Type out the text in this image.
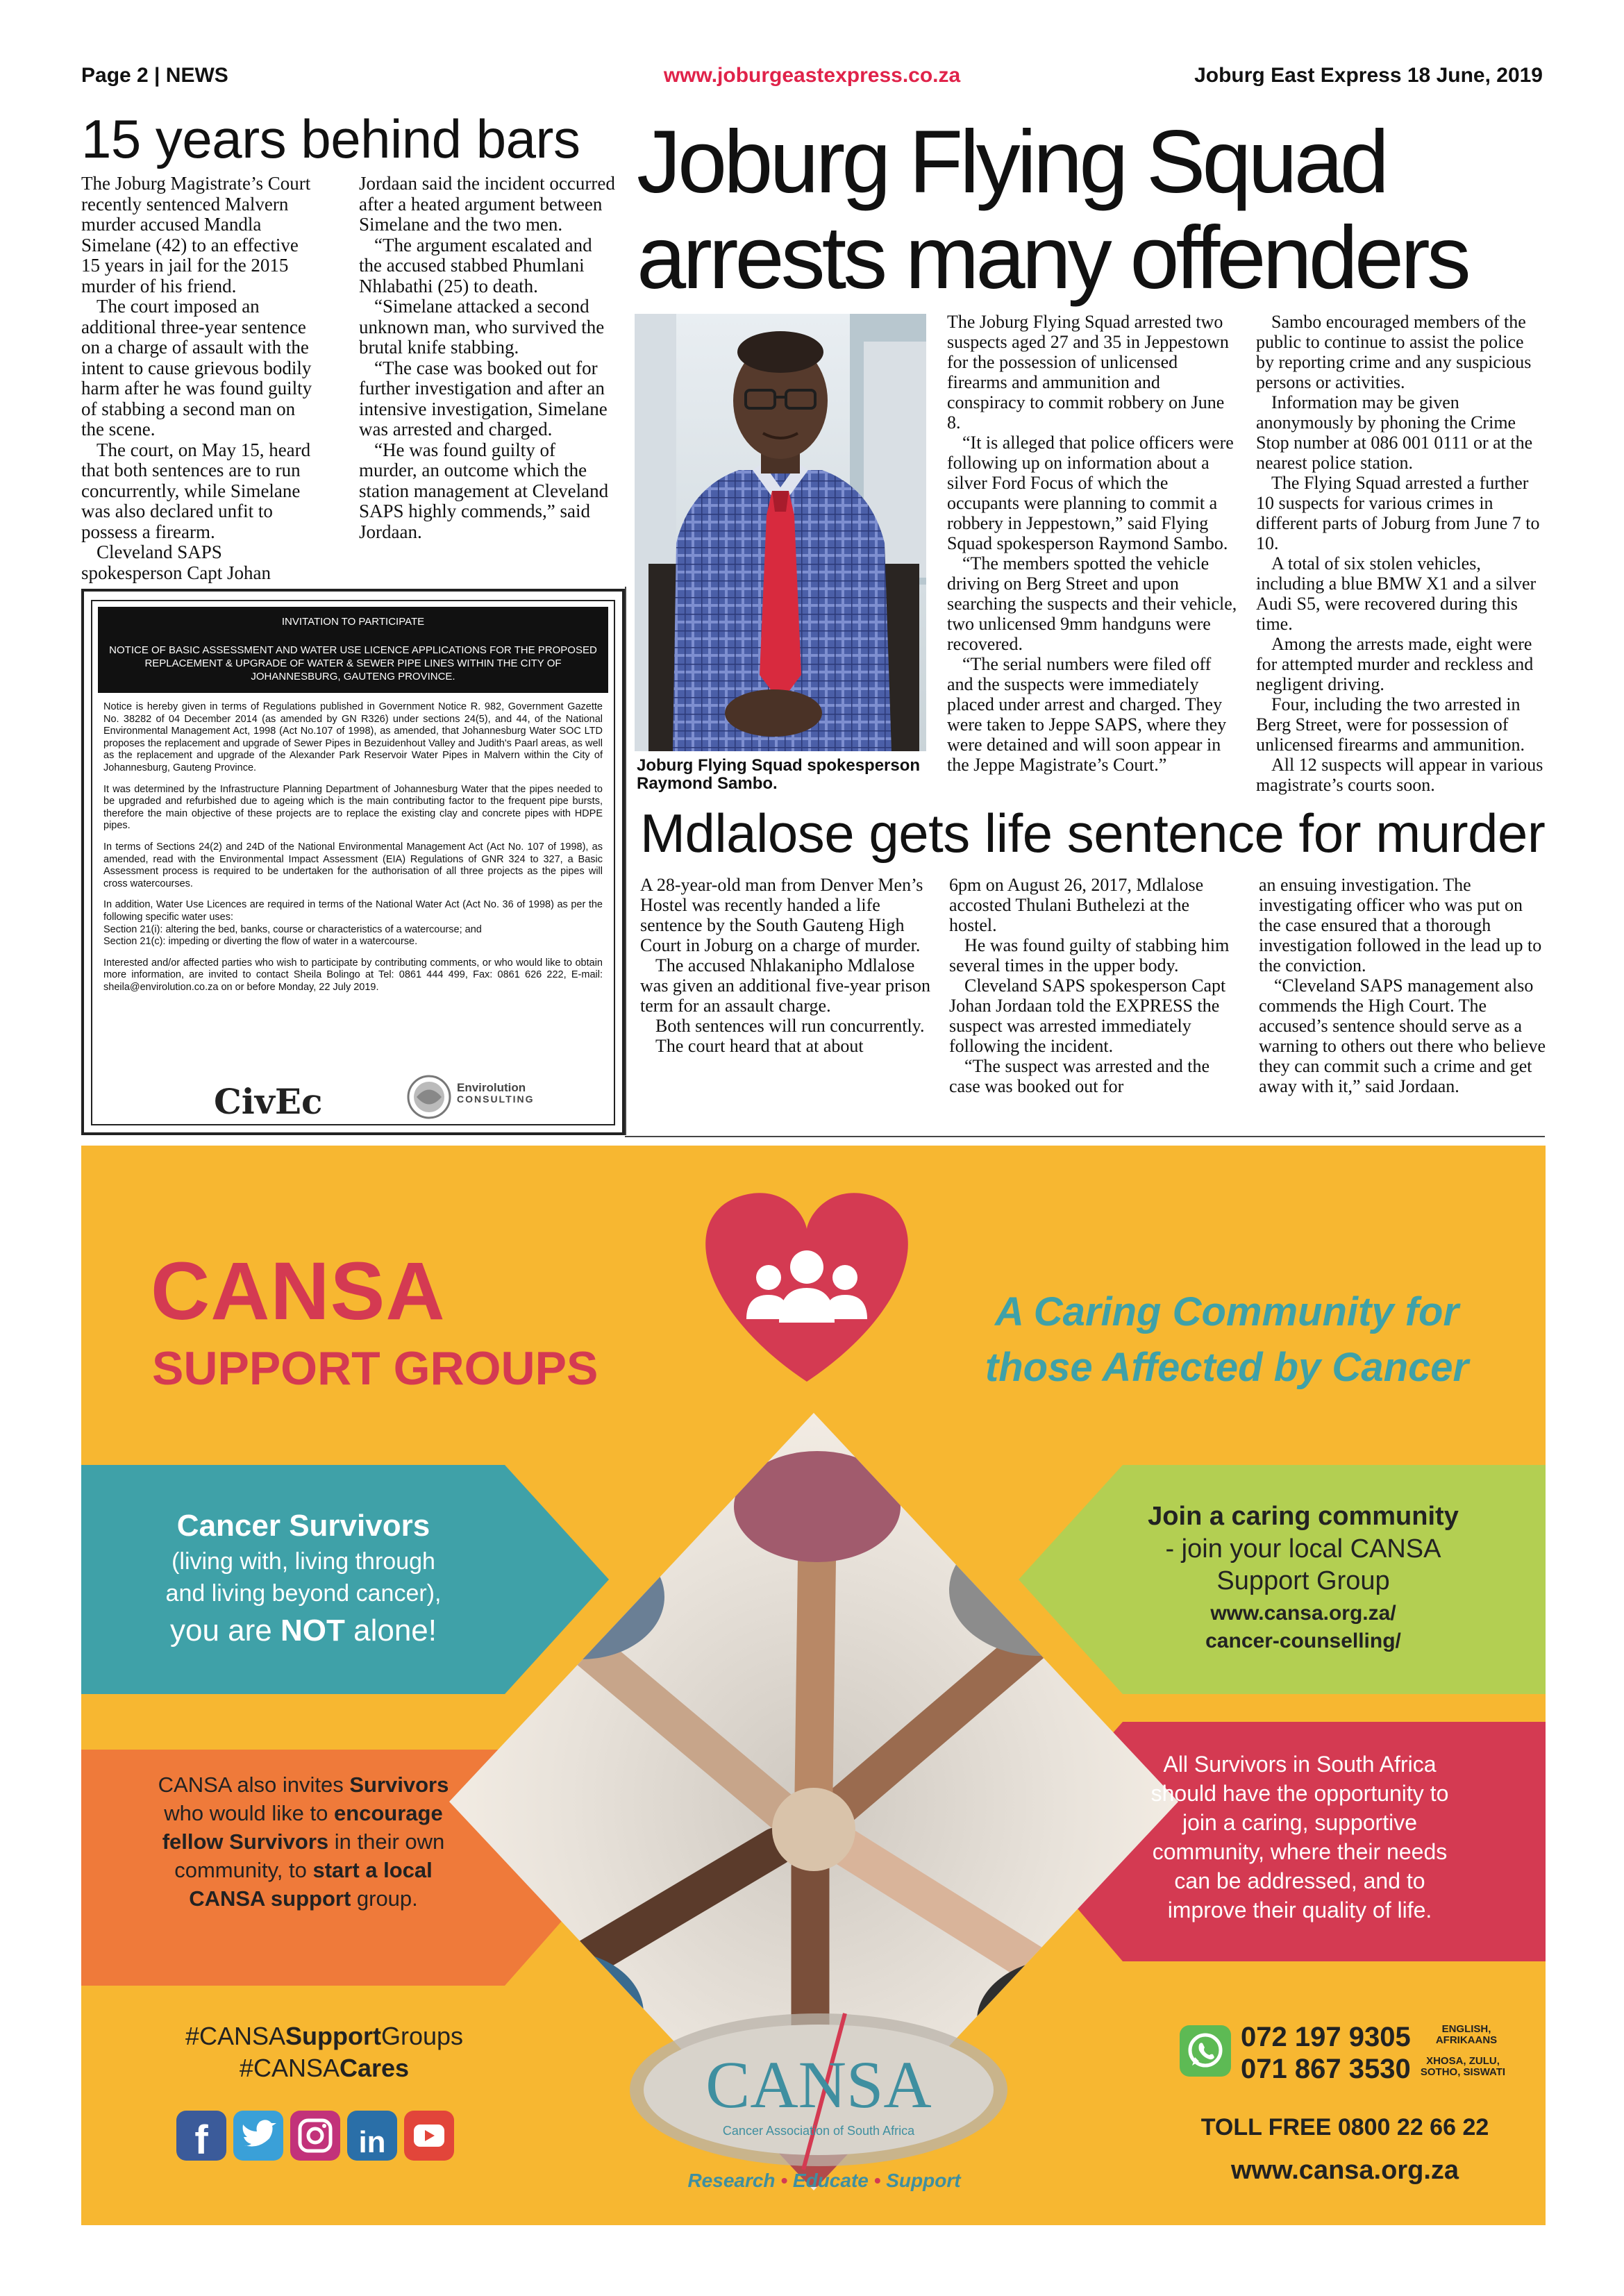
Page 2 | NEWS	www.joburgeastexpress.co.za	Joburg East Express 18 June, 2019
15 years behind bars

The Joburg Magistrate’s Court recently sentenced Malvern murder accused Mandla Simelane (42) to an effective 15 years in jail for the 2015 murder of his friend.

The court imposed an additional three-year sentence on a charge of assault with the intent to cause grievous bodily harm after he was found guilty of stabbing a second man on the scene.

The court, on May 15, heard that both sentences are to run concurrently, while Simelane was also declared unfit to possess a firearm.

Cleveland SAPS spokesperson Capt Johan

Jordaan said the incident occurred after a heated argument between Simelane and the two men.

“The argument escalated and the accused stabbed Phumlani Nhlabathi (25) to death.

“Simelane attacked a second unknown man, who survived the brutal knife stabbing.

“The case was booked out for further investigation and after an intensive investigation, Simelane was arrested and charged.

“He was found guilty of murder, an outcome which the station management at Cleveland SAPS highly commends,” said Jordaan.

INVITATION TO PARTICIPATE
NOTICE OF BASIC ASSESSMENT AND WATER USE LICENCE APPLICATIONS FOR THE PROPOSED REPLACEMENT & UPGRADE OF WATER & SEWER PIPE LINES WITHIN THE CITY OF JOHANNESBURG, GAUTENG PROVINCE.

Notice is hereby given in terms of Regulations published in Government Notice R. 982, Government Gazette No. 38282 of 04 December 2014 (as amended by GN R326) under sections 24(5), and 44, of the National Environmental Management Act, 1998 (Act No.107 of 1998), as amended, that Johannesburg Water SOC LTD proposes the replacement and upgrade of Sewer Pipes in Bezuidenhout Valley and Judith's Paarl areas, as well as the replacement and upgrade of the Alexander Park Reservoir Water Pipes in Malvern within the City of Johannesburg, Gauteng Province.

It was determined by the Infrastructure Planning Department of Johannesburg Water that the pipes needed to be upgraded and refurbished due to ageing which is the main contributing factor to the frequent pipe bursts, therefore the main objective of these projects are to replace the existing clay and concrete pipes with HDPE pipes.

In terms of Sections 24(2) and 24D of the National Environmental Management Act (Act No. 107 of 1998), as amended, read with the Environmental Impact Assessment (EIA) Regulations of GNR 324 to 327, a Basic Assessment process is required to be undertaken for the authorisation of all three projects as the pipes will cross watercourses.

In addition, Water Use Licences are required in terms of the National Water Act (Act No. 36 of 1998) as per the following specific water uses:

Section 21(i): altering the bed, banks, course or characteristics of a watercourse; and

Section 21(c): impeding or diverting the flow of water in a watercourse.

Interested and/or affected parties who wish to participate by contributing comments, or who would like to obtain more information, are invited to contact Sheila Bolingo at Tel: 0861 444 499, Fax: 0861 626 222, E-mail: sheila@envirolution.co.za on or before Monday, 22 July 2019.

CivEc	Envirolution
CONSULTING
Joburg Flying Squad
arrests many offenders
Joburg Flying Squad spokesperson Raymond Sambo.

The Joburg Flying Squad arrested two suspects aged 27 and 35 in Jeppestown for the possession of unlicensed firearms and ammunition and conspiracy to commit robbery on June 8.

“It is alleged that police officers were following up on information about a silver Ford Focus of which the occupants were planning to commit a robbery in Jeppestown,” said Flying Squad spokesperson Raymond Sambo.

“The members spotted the vehicle driving on Berg Street and upon searching the suspects and their vehicle, two unlicensed 9mm handguns were recovered.

“The serial numbers were filed off and the suspects were immediately placed under arrest and charged. They were taken to Jeppe SAPS, where they were detained and will soon appear in the Jeppe Magistrate’s Court.”

Sambo encouraged members of the public to continue to assist the police by reporting crime and any suspicious persons or activities.

Information may be given anonymously by phoning the Crime Stop number at 086 001 0111 or at the nearest police station.

The Flying Squad arrested a further 10 suspects for various crimes in different parts of Joburg from June 7 to 10.

A total of six stolen vehicles, including a blue BMW X1 and a silver Audi S5, were recovered during this time.

Among the arrests made, eight were for attempted murder and reckless and negligent driving.

Four, including the two arrested in Berg Street, were for possession of unlicensed firearms and ammunition.

All 12 suspects will appear in various magistrate’s courts soon.

Mdlalose gets life sentence for murder

A 28-year-old man from Denver Men’s Hostel was recently handed a life sentence by the South Gauteng High Court in Joburg on a charge of murder.

The accused Nhlakanipho Mdlalose was given an additional five-year prison term for an assault charge.

Both sentences will run concurrently.

The court heard that at about

6pm on August 26, 2017, Mdlalose accosted Thulani Buthelezi at the hostel.

He was found guilty of stabbing him several times in the upper body.

Cleveland SAPS spokesperson Capt Johan Jordaan told the EXPRESS the suspect was arrested immediately following the incident.

“The suspect was arrested and the case was booked out for

an ensuing investigation. The investigating officer who was put on the case ensured that a thorough investigation followed in the lead up to the conviction.

“Cleveland SAPS management also commends the High Court. The accused’s sentence should serve as a warning to others out there who believe they can commit such a crime and get away with it,” said Jordaan.

CANSA
Cancer Association of South Africa
CANSA
SUPPORT GROUPS
A Caring Community for
those Affected by Cancer
Cancer Survivors
(living with, living through
and living beyond cancer),
you are NOT alone!
Join a caring community
- join your local CANSA
Support Group
www.cansa.org.za/
cancer-counselling/
CANSA also invites Survivors
who would like to encourage
fellow Survivors in their own
community, to start a local
CANSA support group.
All Survivors in South Africa should have the opportunity to join a caring, supportive community, where their needs can be addressed, and to improve their quality of life.
#CANSASupportGroups
#CANSACares
f	in
Research • Educate • Support
072 197 9305
071 867 3530
ENGLISH,
AFRIKAANS
XHOSA, ZULU,
SOTHO, SISWATI
TOLL FREE 0800 22 66 22
www.cansa.org.za
